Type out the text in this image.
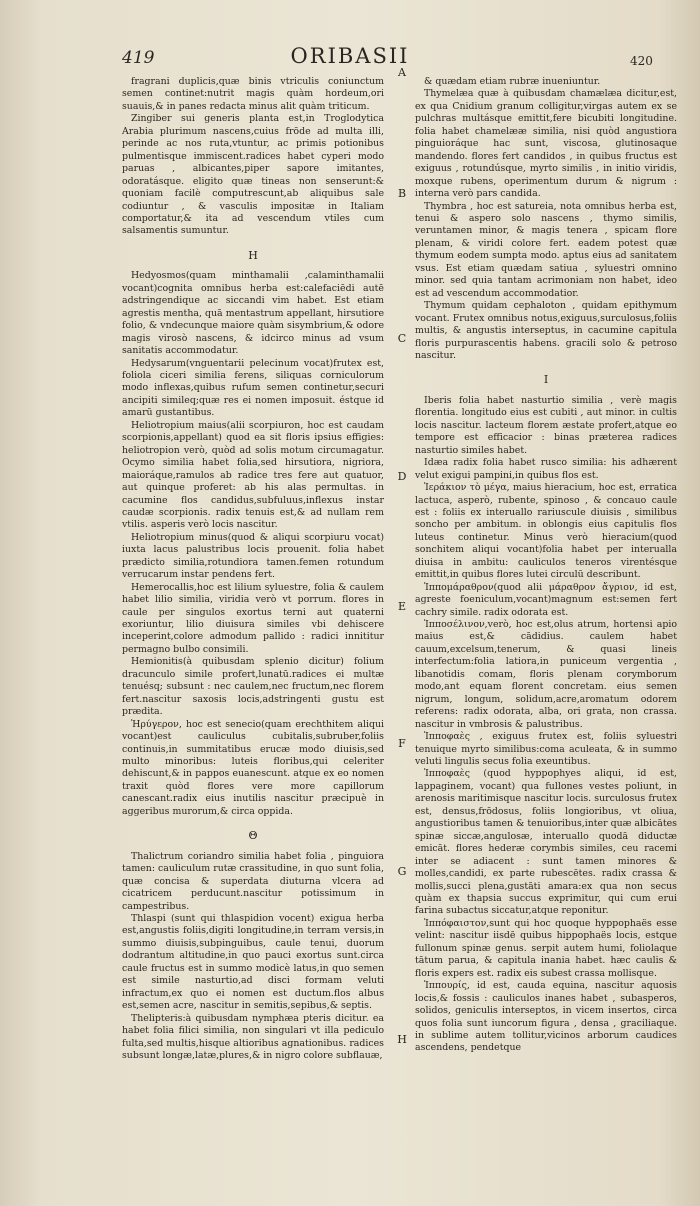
419	ORIBASII	420

fragrani duplicis,quæ binis vtriculis coniunctum semen continet:nutrit magis quàm hordeum,ori suauis,& in panes redacta minus alit quàm triticum.

Zingiber sui generis planta est,in Troglodytica Arabia plurimum nascens,cuius frōde ad multa illi, perinde ac nos ruta,vtuntur, ac primis potionibus pulmentisque immiscent.radices habet cyperi modo paruas , albicantes,piper sapore imitantes, odoratásque. eligito quæ tineas non senserunt:& quoniam facilè computrescunt,ab aliquibus sale codiuntur , & vasculis impositæ in Italiam comportatur,& ita ad vescendum vtiles cum salsamentis sumuntur.

H

Hedyosmos(quam minthamalii ,calaminthamalii vocant)cognita omnibus herba est:calefaciēdi autē adstringendique ac siccandi vim habet. Est etiam agrestis mentha, quā mentastrum appellant, hirsutiore folio, & vndecunque maiore quàm sisymbrium,& odore magis virosò nascens, & idcirco minus ad vsum sanitatis accommodatur.

Hedysarum(vnguentarii pelecinum vocat)frutex est, foliola ciceri similia ferens, siliquas corniculorum modo inflexas,quibus rufum semen continetur,securi ancipiti simileq;quæ res ei nomen imposuit. éstque id amarū gustantibus.

Heliotropium maius(alii scorpiuron, hoc est caudam scorpionis,appellant) quod ea sit floris ipsius effigies: heliotropion verò, quòd ad solis motum circumagatur. Ocymo similia habet folia,sed hirsutiora, nigriora, maioráque,ramulos ab radice tres fere aut quatuor, aut quinque proferet: ab his alas permultas. in cacumine flos candidus,subfuluus,inflexus instar caudæ scorpionis. radix tenuis est,& ad nullam rem vtilis. asperis verò locis nascitur.

Heliotropium minus(quod & aliqui scorpiuru vocat) iuxta lacus palustribus locis prouenit. folia habet prædicto similia,rotundiora tamen.femen rotundum verrucarum instar pendens fert.

Hemerocallis,hoc est lilium syluestre, folia & caulem habet lilio similia, viridia verò vt porrum. flores in caule per singulos exortus terni aut quaterni exoriuntur, lilio diuisura similes vbi dehiscere inceperint,colore admodum pallido : radici innititur permagno bulbo consimili.

Hemionitis(à quibusdam splenio dicitur) folium dracunculo simile profert,lunatū.radices ei multæ tenuésq; subsunt : nec caulem,nec fructum,nec florem fert.nascitur saxosis locis,adstringenti gustu est prædita.

Ἠρύγερον, hoc est senecio(quam erechthitem aliqui vocant)est cauliculus cubitalis,subruber,foliis continuis,in summitatibus erucæ modo diuisis,sed multo minoribus: luteis floribus,qui celeriter dehiscunt,& in pappos euanescunt. atque ex eo nomen traxit quòd flores vere more capillorum canescant.radix eius inutilis nascitur præcipuè in aggeribus murorum,& circa oppida.

Θ

Thalictrum coriandro similia habet folia , pinguiora tamen: cauliculum rutæ crassitudine, in quo sunt folia, quæ concisa & superdata diuturna vlcera ad cicatricem perducunt.nascitur potissimum in campestribus.

Thlaspi (sunt qui thlaspidion vocent) exigua herba est,angustis foliis,digiti longitudine,in terram versis,in summo diuisis,subpinguibus, caule tenui, duorum dodrantum altitudine,in quo pauci exortus sunt.circa caule fructus est in summo modicè latus,in quo semen est simile nasturtio,ad disci formam veluti infractum,ex quo ei nomen est ductum.flos albus est,semen acre, nascitur in semitis,sepibus,& septis.

Thelipteris:à quibusdam nymphæa pteris dicitur. ea habet folia filici similia, non singulari vt illa pediculo fulta,sed multis,hisque altioribus agnationibus. radices subsunt longæ,latæ,plures,& in nigro colore subflauæ,

& quædam etiam rubræ inueniuntur.

Thymelæa quæ à quibusdam chamælæa dicitur,est, ex qua Cnidium granum colligitur,virgas autem ex se pulchras multásque emittit,fere bicubiti longitudine. folia habet chamelææ similia, nisi quòd angustiora pinguioráque hac sunt, viscosa, glutinosaque mandendo. flores fert candidos , in quibus fructus est exiguus , rotundúsque, myrto similis , in initio viridis, moxque rubens, operimentum durum & nigrum : interna verò pars candida.

Thymbra , hoc est satureia, nota omnibus herba est, tenui & aspero solo nascens , thymo similis, veruntamen minor, & magis tenera , spicam flore plenam, & viridi colore fert. eadem potest quæ thymum eodem sumpta modo. aptus eius ad sanitatem vsus. Est etiam quædam satiua , syluestri omnino minor. sed quia tantam acrimoniam non habet, ideo est ad vescendum accommodatior.

Thymum quidam cephaloton , quidam epithymum vocant. Frutex omnibus notus,exiguus,surculosus,foliis multis, & angustis interseptus, in cacumine capitula floris purpurascentis habens. gracili solo & petroso nascitur.

I

Iberis folia habet nasturtio similia , verè magis florentia. longitudo eius est cubiti , aut minor. in cultis locis nascitur. lacteum florem æstate profert,atque eo tempore est efficacior : binas præterea radices nasturtio similes habet.

Idæa radix folia habet rusco similia: his adhærent velut exigui pampini,in quibus flos est.

Ἱεράκιον τὸ μέγα, maius hieracium, hoc est, erratica lactuca, asperò, rubente, spinoso , & concauo caule est : foliis ex interuallo rariuscule diuisis , similibus soncho per ambitum. in oblongis eius capitulis flos luteus continetur. Minus verò hieracium(quod sonchitem aliqui vocant)folia habet per interualla diuisa in ambitu: cauliculos teneros virentésque emittit,in quibus flores lutei circulū describunt.

Ἱππομάραθρον(quod alii μάραθρον ἄγριον, id est, agreste foeniculum,vocant)magnum est:semen fert cachry simile. radix odorata est.

Ἱππoσέλινον,verò, hoc est,olus atrum, hortensi apio maius est,& cādidius. caulem habet cauum,excelsum,tenerum, & quasi lineis interfectum:folia latiora,in puniceum vergentia , libanotidis comam, floris plenam corymborum modo,ant equam florent concretam. eius semen nigrum, longum, solidum,acre,aromatum odorem referens: radix odorata, alba, ori grata, non crassa. nascitur in vmbrosis & palustribus.

Ἱπποφαὲς , exiguus frutex est, foliis syluestri tenuique myrto similibus:coma aculeata, & in summo veluti lingulis secus folia exeuntibus.

Ἱπποφαὲς (quod hyppophyes aliqui, id est, lappaginem, vocant) qua fullones vestes poliunt, in arenosis maritimisque nascitur locis. surculosus frutex est, densus,frōdosus, foliis longioribus, vt oliua, angustioribus tamen & tenuioribus,inter quæ albicātes spinæ siccæ,angulosæ, interuallo quodā diductæ emicāt. flores hederæ corymbis similes, ceu racemi inter se adiacent : sunt tamen minores & molles,candidi, ex parte rubescētes. radix crassa & mollis,succi plena,gustāti amara:ex qua non secus quàm ex thapsia succus exprimitur, qui cum erui farina subactus siccatur,atque reponitur.

Ἱππόφαιστον,sunt qui hoc quoque hyppophaës esse velint: nascitur iisdē quibus hippophaës locis, estque fullonum spinæ genus. serpit autem humi, foliolaque tātum parua, & capitula inania habet. hæc caulis & floris expers est. radix eis subest crassa mollisque.

Ἱππουρίς, id est, cauda equina, nascitur aquosis locis,& fossis : cauliculos inanes habet , subasperos, solidos, geniculis interseptos, in vicem insertos, circa quos folia sunt iuncorum figura , densa , graciliaque. in sublime autem tollitur,vicinos arborum caudices ascendens, pendetque

A
B
C
D
E
F
G
H
